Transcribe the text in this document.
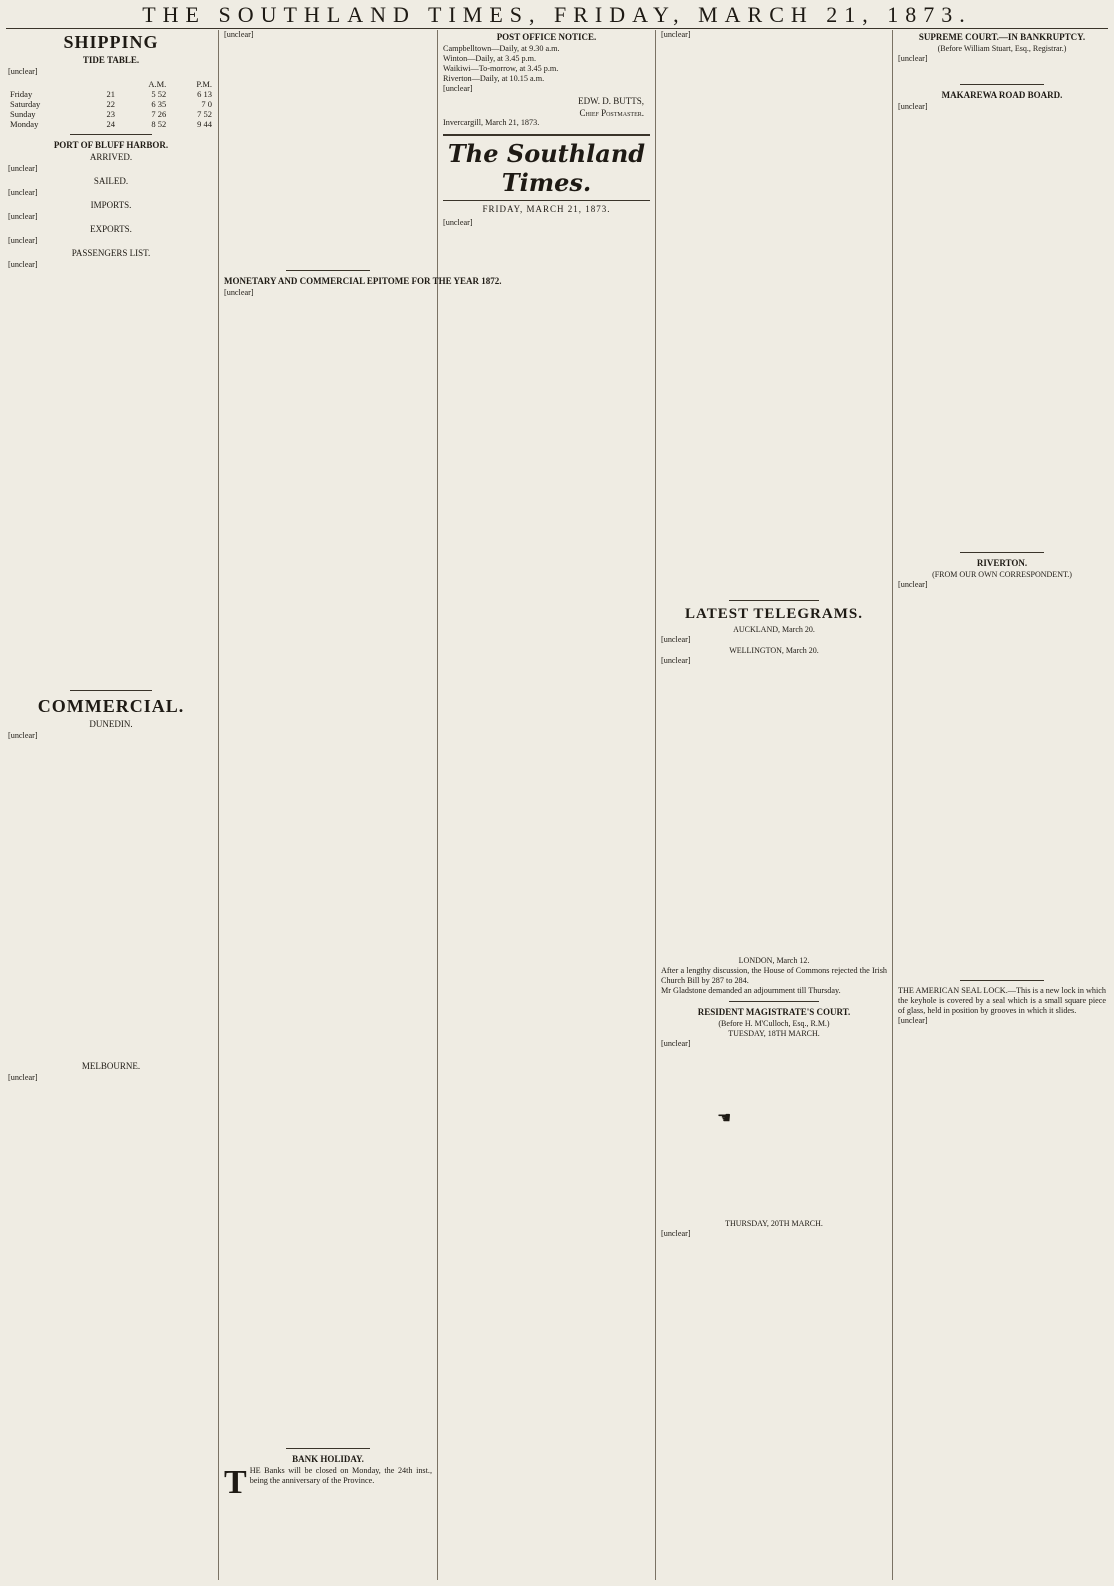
THE SOUTHLAND TIMES, FRIDAY, MARCH 21, 1873.
SHIPPING
TIDE TABLE.

[unclear]

		A.M.	P.M.
Friday	21	5 52	6 13
Saturday	22	6 35	7 0
Sunday	23	7 26	7 52
Monday	24	8 52	9 44
PORT OF BLUFF HARBOR.
ARRIVED.

[unclear]

SAILED.

[unclear]

IMPORTS.

[unclear]

EXPORTS.

[unclear]

PASSENGERS LIST.

[unclear]

COMMERCIAL.
DUNEDIN.

[unclear]

MELBOURNE.

[unclear]

[unclear]

MONETARY AND COMMERCIAL EPITOME FOR THE YEAR 1872.

[unclear]

BANK HOLIDAY.

THE Banks will be closed on Monday, the 24th inst., being the anniversary of the Province.

POST OFFICE NOTICE.

Campbelltown—Daily, at 9.30 a.m.

Winton—Daily, at 3.45 p.m.

Waikiwi—To-morrow, at 3.45 p.m.

Riverton—Daily, at 10.15 a.m.

[unclear]

EDW. D. BUTTS,
Chief Postmaster.

Invercargill, March 21, 1873.

The Southland Times.
FRIDAY, MARCH 21, 1873.

[unclear]

[unclear]

LATEST TELEGRAMS.
AUCKLAND, March 20.

[unclear]

WELLINGTON, March 20.

[unclear]

LONDON, March 12.

After a lengthy discussion, the House of Commons rejected the Irish Church Bill by 287 to 284.

Mr Gladstone demanded an adjournment till Thursday.

RESIDENT MAGISTRATE'S COURT.
(Before H. M'Culloch, Esq., R.M.)
TUESDAY, 18TH MARCH.

[unclear]

THURSDAY, 20TH MARCH.

[unclear]

☚
SUPREME COURT.—IN BANKRUPTCY.
(Before William Stuart, Esq., Registrar.)

[unclear]

MAKAREWA ROAD BOARD.

[unclear]

RIVERTON.
(FROM OUR OWN CORRESPONDENT.)

[unclear]

THE AMERICAN SEAL LOCK.—This is a new lock in which the keyhole is covered by a seal which is a small square piece of glass, held in position by grooves in which it slides.

[unclear]
